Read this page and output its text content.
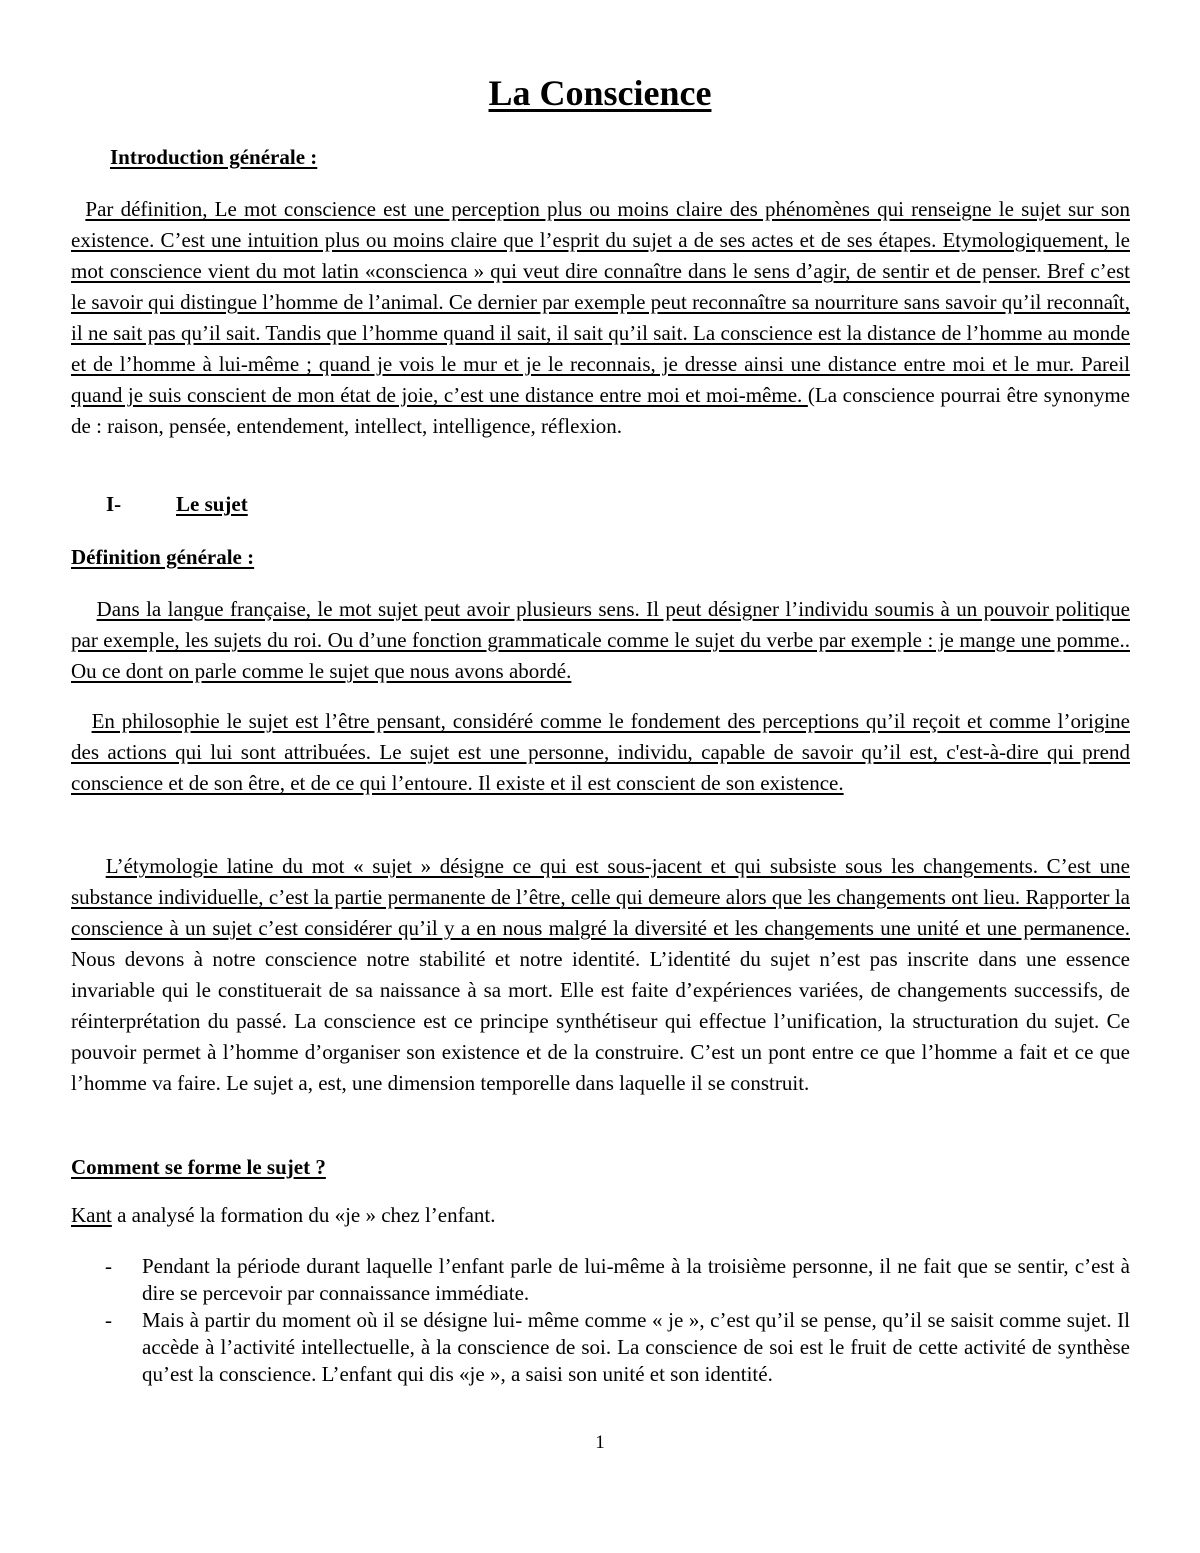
La Conscience
Introduction générale :
Par définition, Le mot conscience est une perception plus ou moins claire des phénomènes qui renseigne le sujet sur son existence. C’est une intuition plus ou moins claire que l’esprit du sujet a de ses actes et de ses étapes. Etymologiquement, le mot conscience vient du mot latin «conscienca » qui veut dire connaître dans le sens d’agir, de sentir et de penser. Bref c’est le savoir qui distingue l’homme de l’animal. Ce dernier par exemple peut reconnaître sa nourriture sans savoir qu’il reconnaît, il ne sait pas qu’il sait. Tandis que l’homme quand il sait, il sait qu’il sait. La conscience est la distance de l’homme au monde et de l’homme à lui-même ; quand je vois le mur et je le reconnais, je dresse ainsi une distance entre moi et le mur. Pareil quand je suis conscient de mon état de joie, c’est une distance entre moi et moi-même. (La conscience pourrai être synonyme de : raison, pensée, entendement, intellect, intelligence, réflexion.
I-	Le sujet
Définition générale :
Dans la langue française, le mot sujet peut avoir plusieurs sens. Il peut désigner l’individu soumis à un pouvoir politique par exemple, les sujets du roi. Ou d’une fonction grammaticale comme le sujet du verbe par exemple : je mange une pomme.. Ou ce dont on parle comme le sujet que nous avons abordé.
En philosophie le sujet est l’être pensant, considéré comme le fondement des perceptions qu’il reçoit et comme l’origine des actions qui lui sont attribuées. Le sujet est une personne, individu, capable de savoir qu’il est, c'est-à-dire qui prend conscience et de son être, et de ce qui l’entoure. Il existe et il est conscient de son existence.
L’étymologie latine du mot « sujet » désigne ce qui est sous-jacent et qui subsiste sous les changements. C’est une substance individuelle, c’est la partie permanente de l’être, celle qui demeure alors que les changements ont lieu. Rapporter la conscience à un sujet c’est considérer qu’il y a en nous malgré la diversité et les changements une unité et une permanence. Nous devons à notre conscience notre stabilité et notre identité. L’identité du sujet n’est pas inscrite dans une essence invariable qui le constituerait de sa naissance à sa mort. Elle est faite d’expériences variées, de changements successifs, de réinterprétation du passé. La conscience est ce principe synthétiseur qui effectue l’unification, la structuration du sujet. Ce pouvoir permet à l’homme d’organiser son existence et de la construire. C’est un pont entre ce que l’homme a fait et ce que l’homme va faire. Le sujet a, est, une dimension temporelle dans laquelle il se construit.
Comment se forme le sujet ?
Kant a analysé la formation du «je » chez l’enfant.
- Pendant la période durant laquelle l’enfant parle de lui-même à la troisième personne, il ne fait que se sentir, c’est à dire se percevoir par connaissance immédiate.
- Mais à partir du moment où il se désigne lui- même comme « je », c’est qu’il se pense, qu’il se saisit comme sujet. Il accède à l’activité intellectuelle, à la conscience de soi. La conscience de soi est le fruit de cette activité de synthèse qu’est la conscience. L’enfant qui dis «je », a saisi son unité et son identité.
1
